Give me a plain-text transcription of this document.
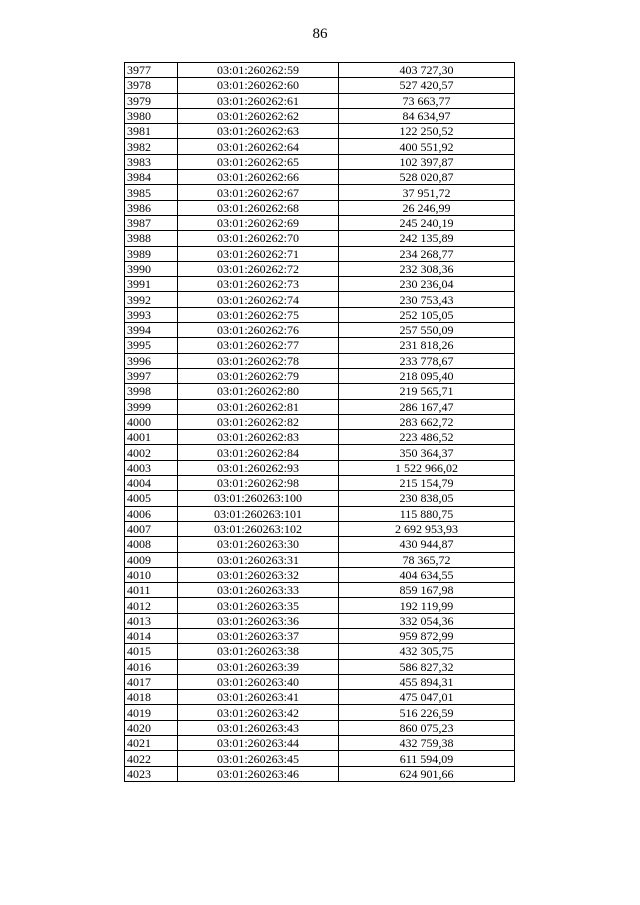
86
3977	03:01:260262:59	403 727,30
3978	03:01:260262:60	527 420,57
3979	03:01:260262:61	73 663,77
3980	03:01:260262:62	84 634,97
3981	03:01:260262:63	122 250,52
3982	03:01:260262:64	400 551,92
3983	03:01:260262:65	102 397,87
3984	03:01:260262:66	528 020,87
3985	03:01:260262:67	37 951,72
3986	03:01:260262:68	26 246,99
3987	03:01:260262:69	245 240,19
3988	03:01:260262:70	242 135,89
3989	03:01:260262:71	234 268,77
3990	03:01:260262:72	232 308,36
3991	03:01:260262:73	230 236,04
3992	03:01:260262:74	230 753,43
3993	03:01:260262:75	252 105,05
3994	03:01:260262:76	257 550,09
3995	03:01:260262:77	231 818,26
3996	03:01:260262:78	233 778,67
3997	03:01:260262:79	218 095,40
3998	03:01:260262:80	219 565,71
3999	03:01:260262:81	286 167,47
4000	03:01:260262:82	283 662,72
4001	03:01:260262:83	223 486,52
4002	03:01:260262:84	350 364,37
4003	03:01:260262:93	1 522 966,02
4004	03:01:260262:98	215 154,79
4005	03:01:260263:100	230 838,05
4006	03:01:260263:101	115 880,75
4007	03:01:260263:102	2 692 953,93
4008	03:01:260263:30	430 944,87
4009	03:01:260263:31	78 365,72
4010	03:01:260263:32	404 634,55
4011	03:01:260263:33	859 167,98
4012	03:01:260263:35	192 119,99
4013	03:01:260263:36	332 054,36
4014	03:01:260263:37	959 872,99
4015	03:01:260263:38	432 305,75
4016	03:01:260263:39	586 827,32
4017	03:01:260263:40	455 894,31
4018	03:01:260263:41	475 047,01
4019	03:01:260263:42	516 226,59
4020	03:01:260263:43	860 075,23
4021	03:01:260263:44	432 759,38
4022	03:01:260263:45	611 594,09
4023	03:01:260263:46	624 901,66
